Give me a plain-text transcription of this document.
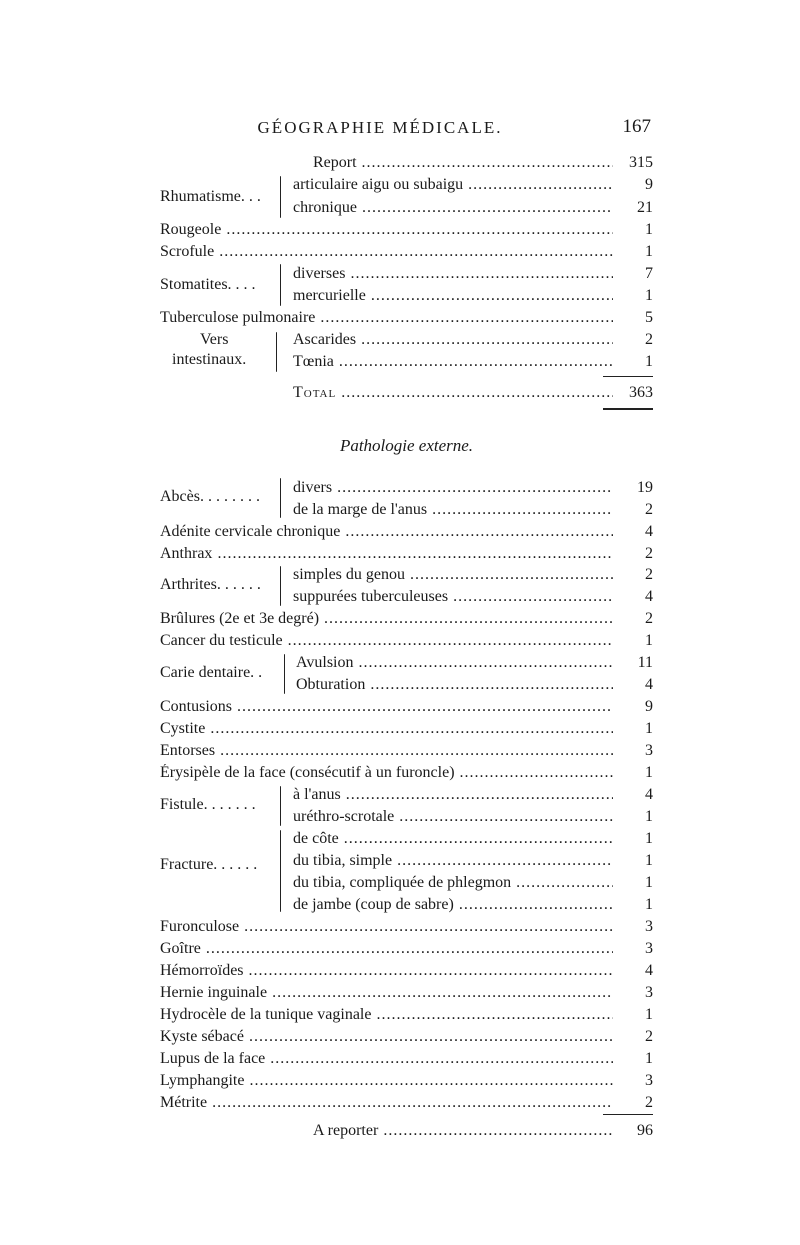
GÉOGRAPHIE MÉDICALE.	167
Report .....	315
Rhumatisme. . .
articulaire aigu ou subaigu .....	9
chronique .....	21
Rougeole .....	1
Scrofule .....	1
Stomatites. . . .
diverses .....	7
mercurielle .....	1
Tuberculose pulmonaire .....	5
Vers
intestinaux.
Ascarides .....	2
Tœnia .....	1
Total .....	363
Pathologie externe.
Abcès. . . . . . . .
divers .....	19
de la marge de l'anus .....	2
Adénite cervicale chronique .....	4
Anthrax .....	2
Arthrites. . . . . .
simples du genou .....	2
suppurées tuberculeuses .....	4
Brûlures (2e et 3e degré) .....	2
Cancer du testicule .....	1
Carie dentaire. .
Avulsion .....	11
Obturation .....	4
Contusions .....	9
Cystite .....	1
Entorses .....	3
Érysipèle de la face (consécutif à un furoncle) .....	1
Fistule. . . . . . .
à l'anus .....	4
uréthro-scrotale .....	1
Fracture. . . . . .
de côte .....	1
du tibia, simple .....	1
du tibia, compliquée de phlegmon .....	1
de jambe (coup de sabre) .....	1
Furonculose .....	3
Goître .....	3
Hémorroïdes .....	4
Hernie inguinale .....	3
Hydrocèle de la tunique vaginale .....	1
Kyste sébacé .....	2
Lupus de la face .....	1
Lymphangite .....	3
Métrite .....	2
A reporter .....	96
